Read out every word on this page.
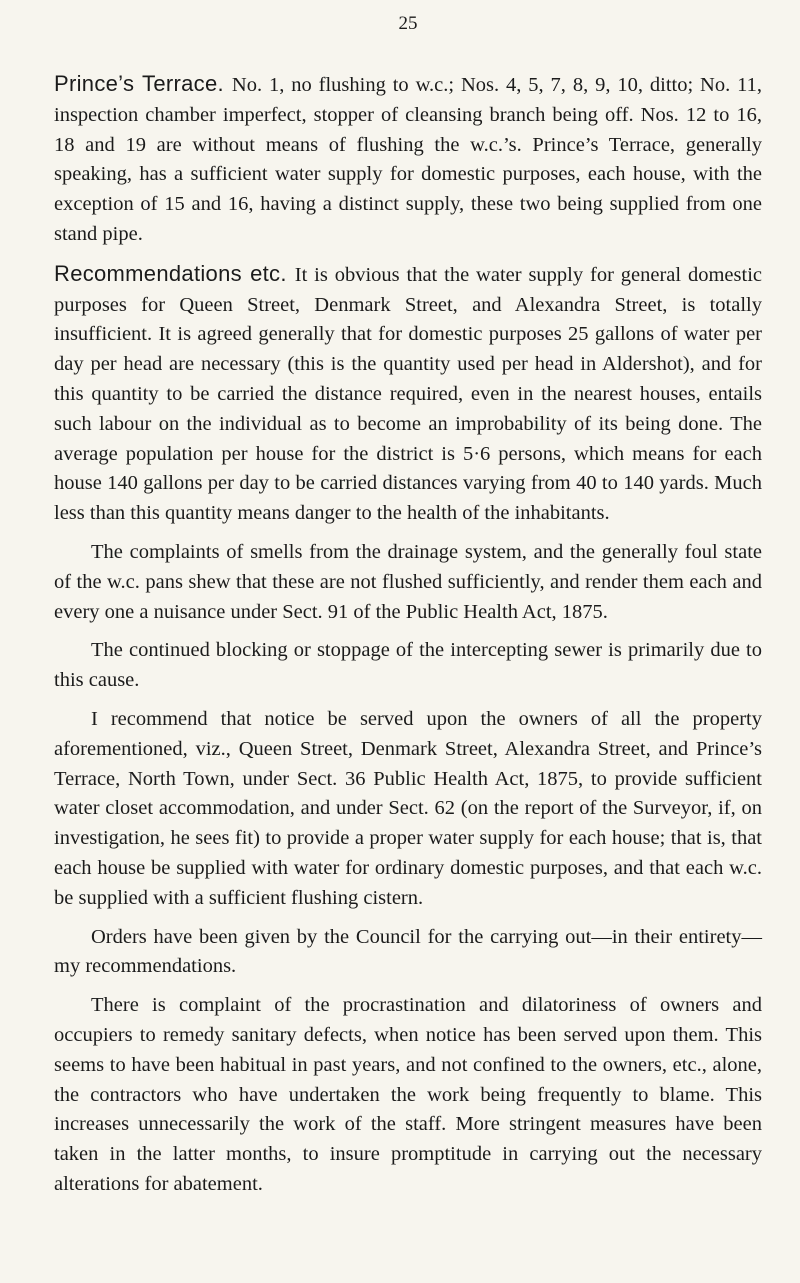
25

Prince’s Terrace. No. 1, no flushing to w.c.; Nos. 4, 5, 7, 8, 9, 10, ditto; No. 11, inspection chamber imperfect, stopper of cleansing branch being off. Nos. 12 to 16, 18 and 19 are without means of flushing the w.c.’s. Prince’s Terrace, generally speaking, has a sufficient water supply for domestic purposes, each house, with the exception of 15 and 16, having a distinct supply, these two being supplied from one stand pipe.

Recommendations etc. It is obvious that the water supply for general domestic purposes for Queen Street, Denmark Street, and Alexandra Street, is totally insufficient. It is agreed generally that for domestic purposes 25 gallons of water per day per head are necessary (this is the quantity used per head in Aldershot), and for this quantity to be carried the distance required, even in the nearest houses, entails such labour on the individual as to become an improbability of its being done. The average population per house for the district is 5·6 persons, which means for each house 140 gallons per day to be carried distances varying from 40 to 140 yards. Much less than this quantity means danger to the health of the inhabitants.

The complaints of smells from the drainage system, and the generally foul state of the w.c. pans shew that these are not flushed sufficiently, and render them each and every one a nuisance under Sect. 91 of the Public Health Act, 1875.

The continued blocking or stoppage of the intercepting sewer is primarily due to this cause.

I recommend that notice be served upon the owners of all the property aforementioned, viz., Queen Street, Denmark Street, Alexandra Street, and Prince’s Terrace, North Town, under Sect. 36 Public Health Act, 1875, to provide sufficient water closet accommodation, and under Sect. 62 (on the report of the Surveyor, if, on investigation, he sees fit) to provide a proper water supply for each house; that is, that each house be supplied with water for ordinary domestic purposes, and that each w.c. be supplied with a sufficient flushing cistern.

Orders have been given by the Council for the carrying out—in their entirety—my recommendations.

There is complaint of the procrastination and dilatoriness of owners and occupiers to remedy sanitary defects, when notice has been served upon them. This seems to have been habitual in past years, and not confined to the owners, etc., alone, the contractors who have undertaken the work being frequently to blame. This increases unnecessarily the work of the staff. More stringent measures have been taken in the latter months, to insure promptitude in carrying out the necessary alterations for abatement.
